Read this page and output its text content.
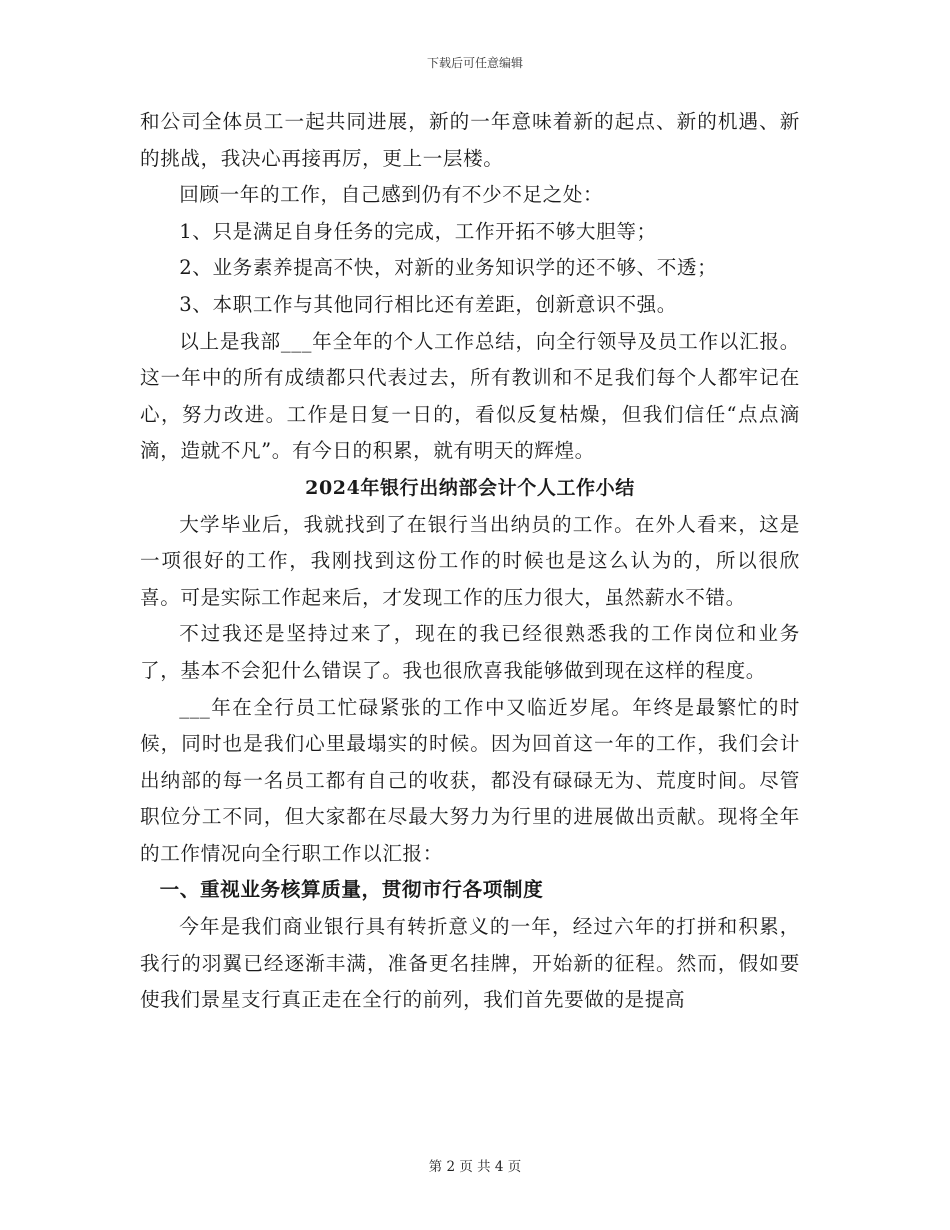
下载后可任意编辑

和公司全体员工一起共同进展，新的一年意味着新的起点、新的机遇、新的挑战，我决心再接再厉，更上一层楼。

回顾一年的工作，自己感到仍有不少不足之处：

1、只是满足自身任务的完成，工作开拓不够大胆等；

2、业务素养提高不快，对新的业务知识学的还不够、不透；

3、本职工作与其他同行相比还有差距，创新意识不强。

以上是我部___年全年的个人工作总结，向全行领导及员工作以汇报。这一年中的所有成绩都只代表过去，所有教训和不足我们每个人都牢记在心，努力改进。工作是日复一日的，看似反复枯燥，但我们信任“点点滴滴，造就不凡”。有今日的积累，就有明天的辉煌。

2024年银行出纳部会计个人工作小结

大学毕业后，我就找到了在银行当出纳员的工作。在外人看来，这是一项很好的工作，我刚找到这份工作的时候也是这么认为的，所以很欣喜。可是实际工作起来后，才发现工作的压力很大，虽然薪水不错。

不过我还是坚持过来了，现在的我已经很熟悉我的工作岗位和业务了，基本不会犯什么错误了。我也很欣喜我能够做到现在这样的程度。

___年在全行员工忙碌紧张的工作中又临近岁尾。年终是最繁忙的时候，同时也是我们心里最塌实的时候。因为回首这一年的工作，我们会计出纳部的每一名员工都有自己的收获，都没有碌碌无为、荒度时间。尽管职位分工不同，但大家都在尽最大努力为行里的进展做出贡献。现将全年的工作情况向全行职工作以汇报：

一、重视业务核算质量，贯彻市行各项制度

今年是我们商业银行具有转折意义的一年，经过六年的打拼和积累，我行的羽翼已经逐渐丰满，准备更名挂牌，开始新的征程。然而，假如要使我们景星支行真正走在全行的前列，我们首先要做的是提高

第 2 页 共 4 页
